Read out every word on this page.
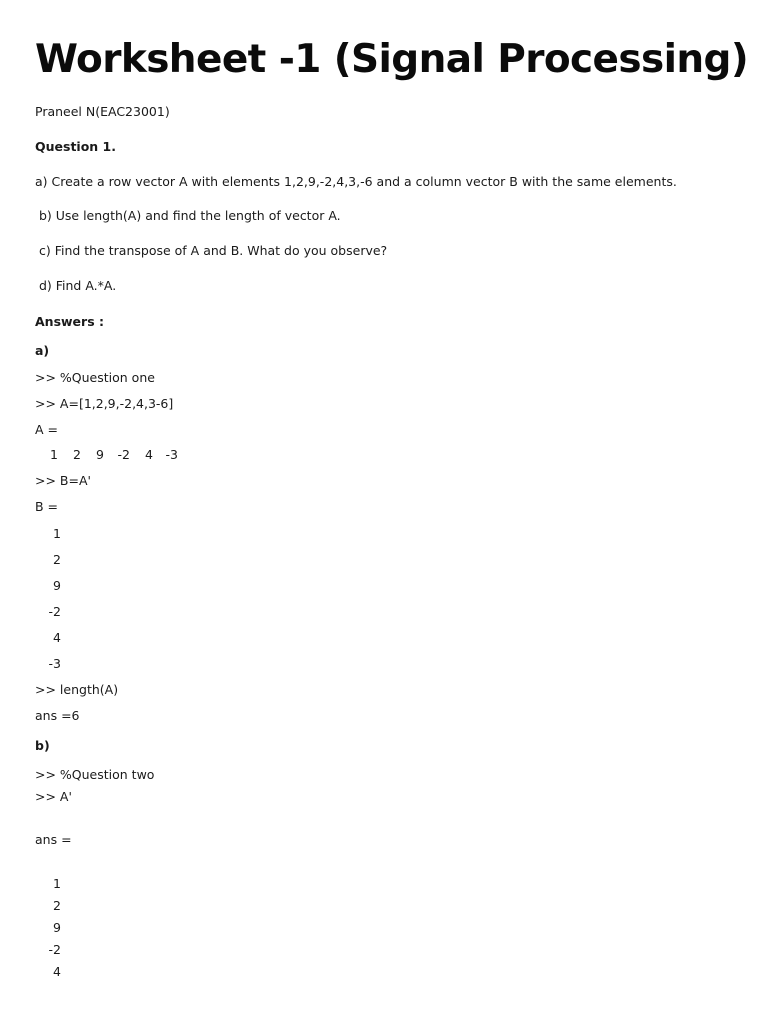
Worksheet -1 (Signal Processing)
Praneel N(EAC23001)
Question 1.
a) Create a row vector A with elements 1,2,9,-2,4,3,-6 and a column vector B with the same elements.
b) Use length(A) and find the length of vector A.
c) Find the transpose of A and B. What do you observe?
d) Find A.*A.
Answers :
a)
>> %Question one
>> A=[1,2,9,-2,4,3-6]
A =
1 2 9 -2 4 -3
>> B=A'
B =
1
2
9
-2
4
-3
>> length(A)
ans =6
b)
>> %Question two
>> A'
ans =
1
2
9
-2
4
